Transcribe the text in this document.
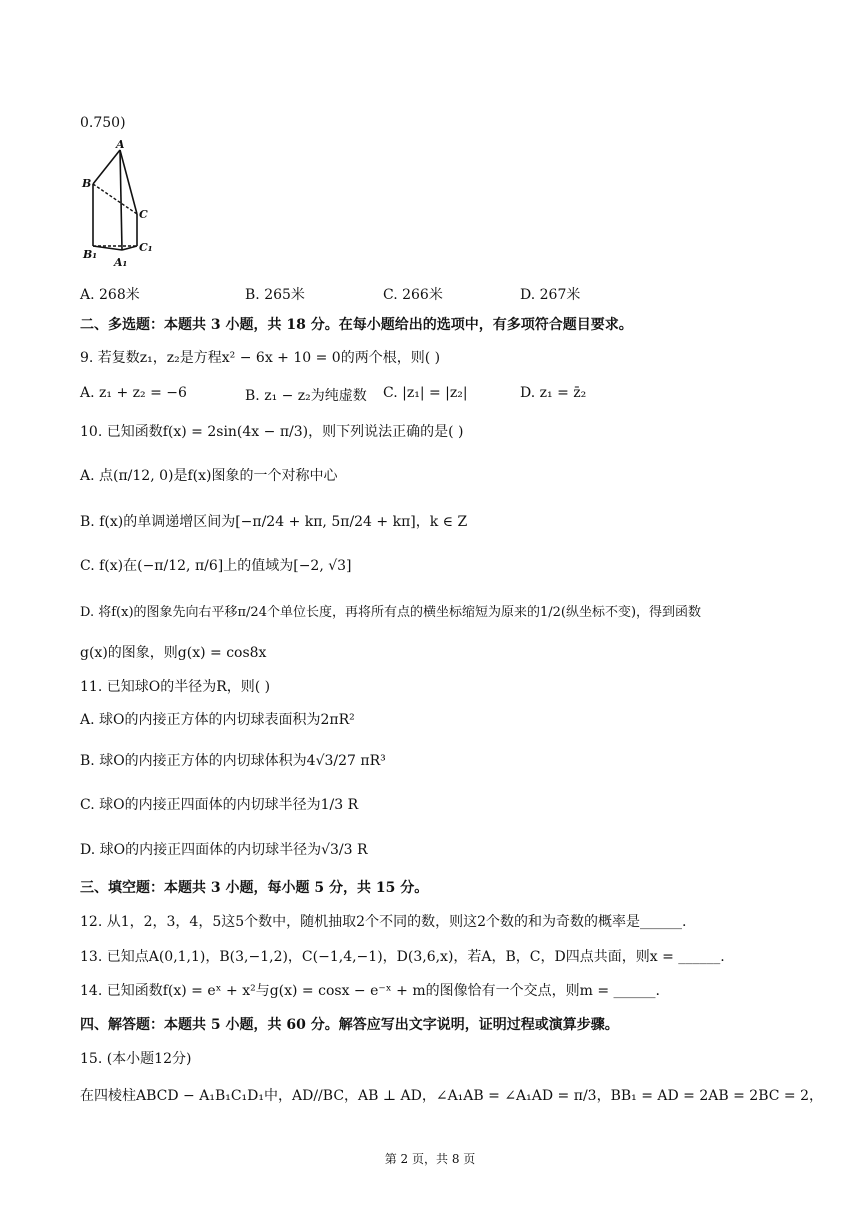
0.750)
A
B
C
B₁
A₁
C₁
A. 268米	B. 265米	C. 266米	D. 267米
二、多选题：本题共 3 小题，共 18 分。在每小题给出的选项中，有多项符合题目要求。
9. 若复数z₁，z₂是方程x² − 6x + 10 = 0的两个根，则( )
A. z₁ + z₂ = −6	B. z₁ − z₂为纯虚数 C. |z₁| = |z₂|	D. z₁ = z̄₂
10. 已知函数f(x) = 2sin(4x − π/3)，则下列说法正确的是( )
A. 点(π/12, 0)是f(x)图象的一个对称中心
B. f(x)的单调递增区间为[−π/24 + kπ, 5π/24 + kπ]，k ∈ Z
C. f(x)在(−π/12, π/6]上的值域为[−2, √3]
D. 将f(x)的图象先向右平移π/24个单位长度，再将所有点的横坐标缩短为原来的1/2(纵坐标不变)，得到函数
g(x)的图象，则g(x) = cos8x
11. 已知球O的半径为R，则( )
A. 球O的内接正方体的内切球表面积为2πR²
B. 球O的内接正方体的内切球体积为4√3/27 πR³
C. 球O的内接正四面体的内切球半径为1/3 R
D. 球O的内接正四面体的内切球半径为√3/3 R
三、填空题：本题共 3 小题，每小题 5 分，共 15 分。
12. 从1，2，3，4，5这5个数中，随机抽取2个不同的数，则这2个数的和为奇数的概率是______.
13. 已知点A(0,1,1)，B(3,−1,2)，C(−1,4,−1)，D(3,6,x)，若A，B，C，D四点共面，则x = ______.
14. 已知函数f(x) = eˣ + x²与g(x) = cosx − e⁻ˣ + m的图像恰有一个交点，则m = ______.
四、解答题：本题共 5 小题，共 60 分。解答应写出文字说明，证明过程或演算步骤。
15. (本小题12分)
在四棱柱ABCD − A₁B₁C₁D₁中，AD//BC，AB ⊥ AD，∠A₁AB = ∠A₁AD = π/3，BB₁ = AD = 2AB = 2BC = 2，
第 2 页，共 8 页
